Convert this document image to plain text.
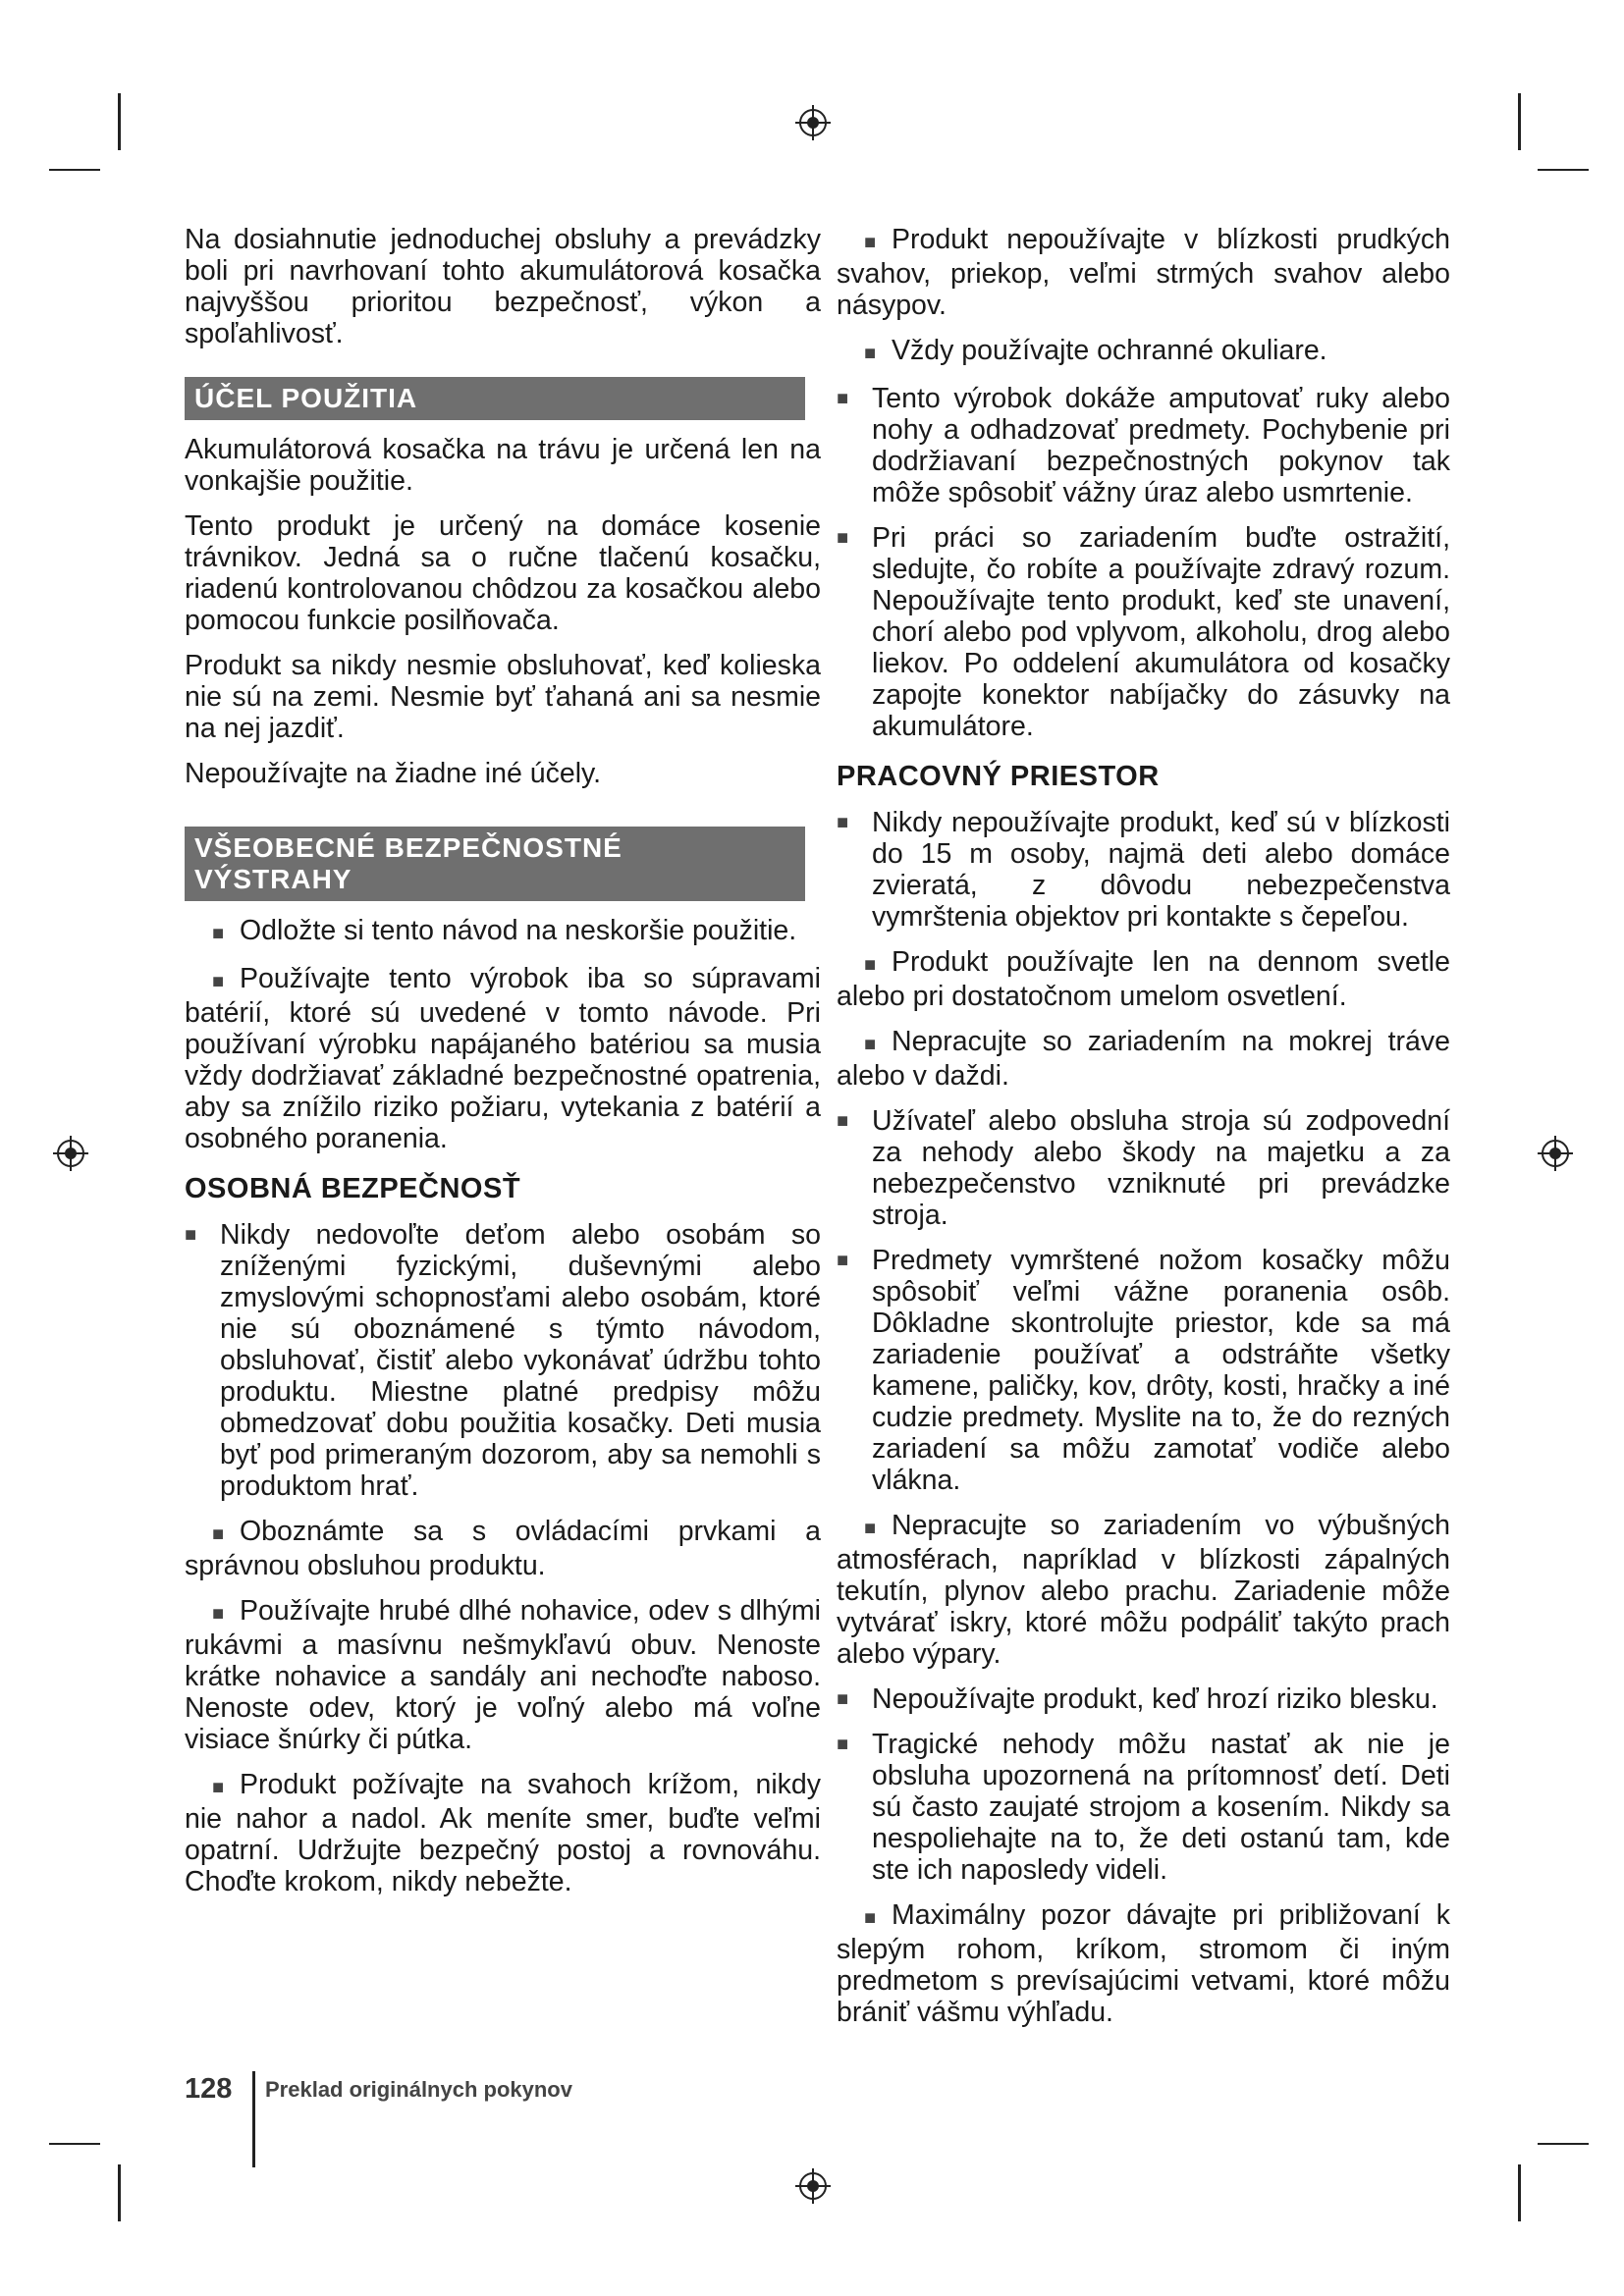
Na dosiahnutie jednoduchej obsluhy a prevádzky boli pri navrhovaní tohto akumulátorová kosačka najvyššou prioritou bezpečnosť, výkon a spoľahlivosť.

ÚČEL POUŽITIA

Akumulátorová kosačka na trávu je určená len na vonkajšie použitie.

Tento produkt je určený na domáce kosenie trávnikov. Jedná sa o ručne tlačenú kosačku, riadenú kontrolovanou chôdzou za kosačkou alebo pomocou funkcie posilňovača.

Produkt sa nikdy nesmie obsluhovať, keď kolieska nie sú na zemi. Nesmie byť ťahaná ani sa nesmie na nej jazdiť.

Nepoužívajte na žiadne iné účely.

VŠEOBECNÉ BEZPEČNOSTNÉ
VÝSTRAHY
■ Odložte si tento návod na neskoršie použitie.
■ Používajte tento výrobok iba so súpravami batérií, ktoré sú uvedené v tomto návode. Pri používaní výrobku napájaného batériou sa musia vždy dodržiavať základné bezpečnostné opatrenia, aby sa znížilo riziko požiaru, vytekania z batérií a osobného poranenia.
OSOBNÁ BEZPEČNOSŤ
■ Nikdy nedovoľte deťom alebo osobám so zníženými fyzickými, duševnými alebo zmyslovými schopnosťami alebo osobám, ktoré nie sú oboznámené s týmto návodom, obsluhovať, čistiť alebo vykonávať údržbu tohto produktu. Miestne platné predpisy môžu obmedzovať dobu použitia kosačky. Deti musia byť pod primeraným dozorom, aby sa nemohli s produktom hrať.
■ Oboznámte sa s ovládacími prvkami a správnou obsluhou produktu.
■ Používajte hrubé dlhé nohavice, odev s dlhými rukávmi a masívnu nešmykľavú obuv. Nenoste krátke nohavice a sandály ani nechoďte naboso. Nenoste odev, ktorý je voľný alebo má voľne visiace šnúrky či pútka.
■ Produkt požívajte na svahoch krížom, nikdy nie nahor a nadol. Ak meníte smer, buďte veľmi opatrní. Udržujte bezpečný postoj a rovnováhu. Choďte krokom, nikdy nebežte.
■ Produkt nepoužívajte v blízkosti prudkých svahov, priekop, veľmi strmých svahov alebo násypov.
■ Vždy používajte ochranné okuliare.
■ Tento výrobok dokáže amputovať ruky alebo nohy a odhadzovať predmety. Pochybenie pri dodržiavaní bezpečnostných pokynov tak môže spôsobiť vážny úraz alebo usmrtenie.
■ Pri práci so zariadením buďte ostražití, sledujte, čo robíte a používajte zdravý rozum. Nepoužívajte tento produkt, keď ste unavení, chorí alebo pod vplyvom, alkoholu, drog alebo liekov. Po oddelení akumulátora od kosačky zapojte konektor nabíjačky do zásuvky na akumulátore.
PRACOVNÝ PRIESTOR
■ Nikdy nepoužívajte produkt, keď sú v blízkosti do 15 m osoby, najmä deti alebo domáce zvieratá, z dôvodu nebezpečenstva vymrštenia objektov pri kontakte s čepeľou.
■ Produkt používajte len na dennom svetle alebo pri dostatočnom umelom osvetlení.
■ Nepracujte so zariadením na mokrej tráve alebo v daždi.
■ Užívateľ alebo obsluha stroja sú zodpovední za nehody alebo škody na majetku a za nebezpečenstvo vzniknuté pri prevádzke stroja.
■ Predmety vymrštené nožom kosačky môžu spôsobiť veľmi vážne poranenia osôb. Dôkladne skontrolujte priestor, kde sa má zariadenie používať a odstráňte všetky kamene, paličky, kov, drôty, kosti, hračky a iné cudzie predmety. Myslite na to, že do rezných zariadení sa môžu zamotať vodiče alebo vlákna.
■ Nepracujte so zariadením vo výbušných atmosférach, napríklad v blízkosti zápalných tekutín, plynov alebo prachu. Zariadenie môže vytvárať iskry, ktoré môžu podpáliť takýto prach alebo výpary.
■ Nepoužívajte produkt, keď hrozí riziko blesku.
■ Tragické nehody môžu nastať ak nie je obsluha upozornená na prítomnosť detí. Deti sú často zaujaté strojom a kosením. Nikdy sa nespoliehajte na to, že deti ostanú tam, kde ste ich naposledy videli.
■ Maximálny pozor dávajte pri približovaní k slepým rohom, kríkom, stromom či iným predmetom s prevísajúcimi vetvami, ktoré môžu brániť vášmu výhľadu.
128 Preklad originálnych pokynov
